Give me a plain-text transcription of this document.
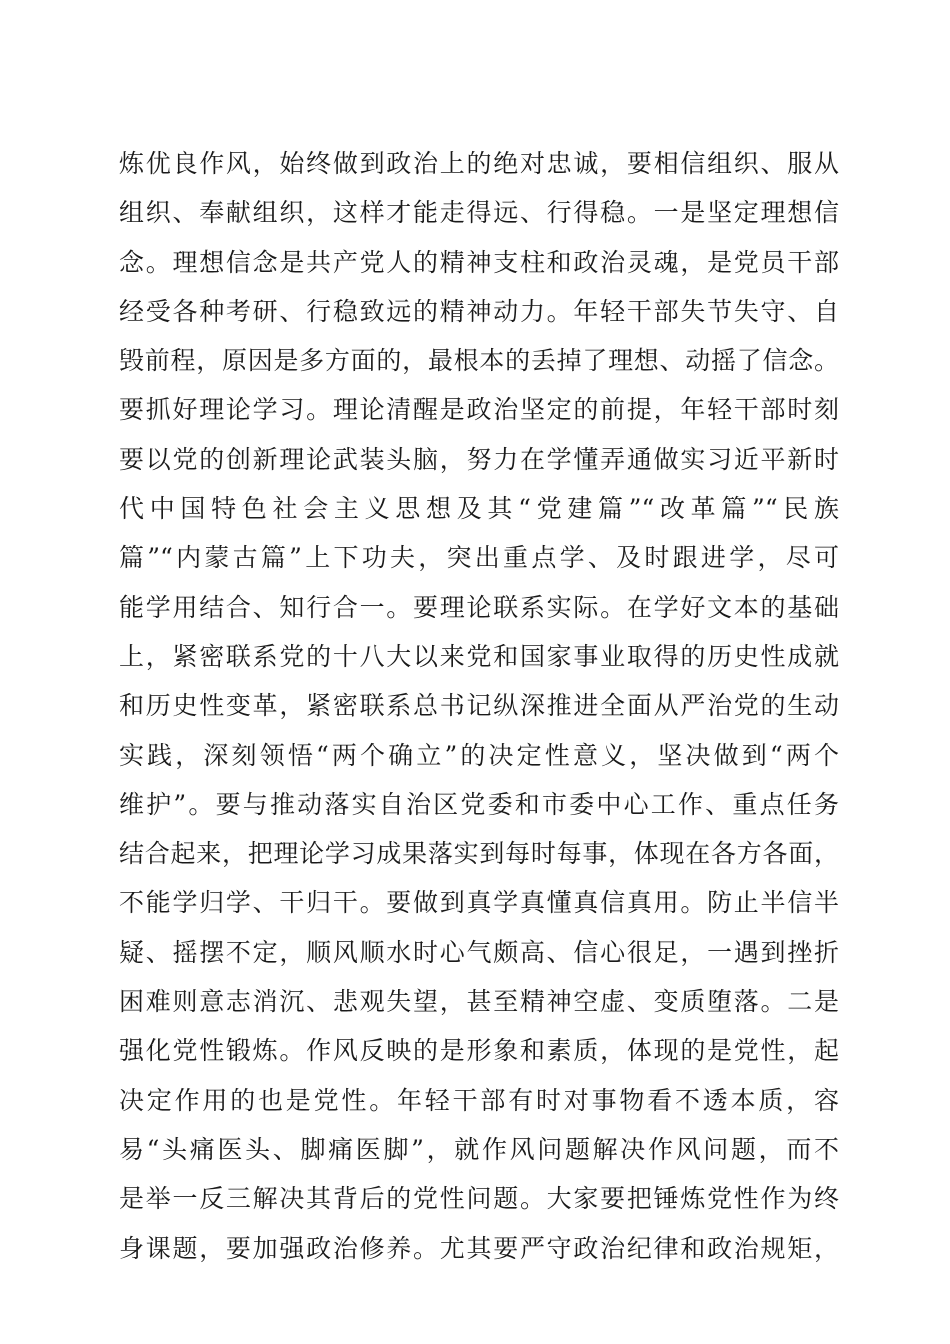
炼优良作风，始终做到政治上的绝对忠诚，要相信组织、服从
组织、奉献组织，这样才能走得远、行得稳。一是坚定理想信
念。理想信念是共产党人的精神支柱和政治灵魂，是党员干部
经受各种考研、行稳致远的精神动力。年轻干部失节失守、自
毁前程，原因是多方面的，最根本的丢掉了理想、动摇了信念。
要抓好理论学习。理论清醒是政治坚定的前提，年轻干部时刻
要以党的创新理论武装头脑，努力在学懂弄通做实习近平新时
代中国特色社会主义思想及其“党建篇”“改革篇”“民族
篇”“内蒙古篇”上下功夫，突出重点学、及时跟进学，尽可
能学用结合、知行合一。要理论联系实际。在学好文本的基础
上，紧密联系党的十八大以来党和国家事业取得的历史性成就
和历史性变革，紧密联系总书记纵深推进全面从严治党的生动
实践，深刻领悟“两个确立”的决定性意义，坚决做到“两个
维护”。要与推动落实自治区党委和市委中心工作、重点任务
结合起来，把理论学习成果落实到每时每事，体现在各方各面，
不能学归学、干归干。要做到真学真懂真信真用。防止半信半
疑、摇摆不定，顺风顺水时心气颇高、信心很足，一遇到挫折
困难则意志消沉、悲观失望，甚至精神空虚、变质堕落。二是
强化党性锻炼。作风反映的是形象和素质，体现的是党性，起
决定作用的也是党性。年轻干部有时对事物看不透本质，容
易“头痛医头、脚痛医脚”，就作风问题解决作风问题，而不
是举一反三解决其背后的党性问题。大家要把锤炼党性作为终
身课题，要加强政治修养。尤其要严守政治纪律和政治规矩，
